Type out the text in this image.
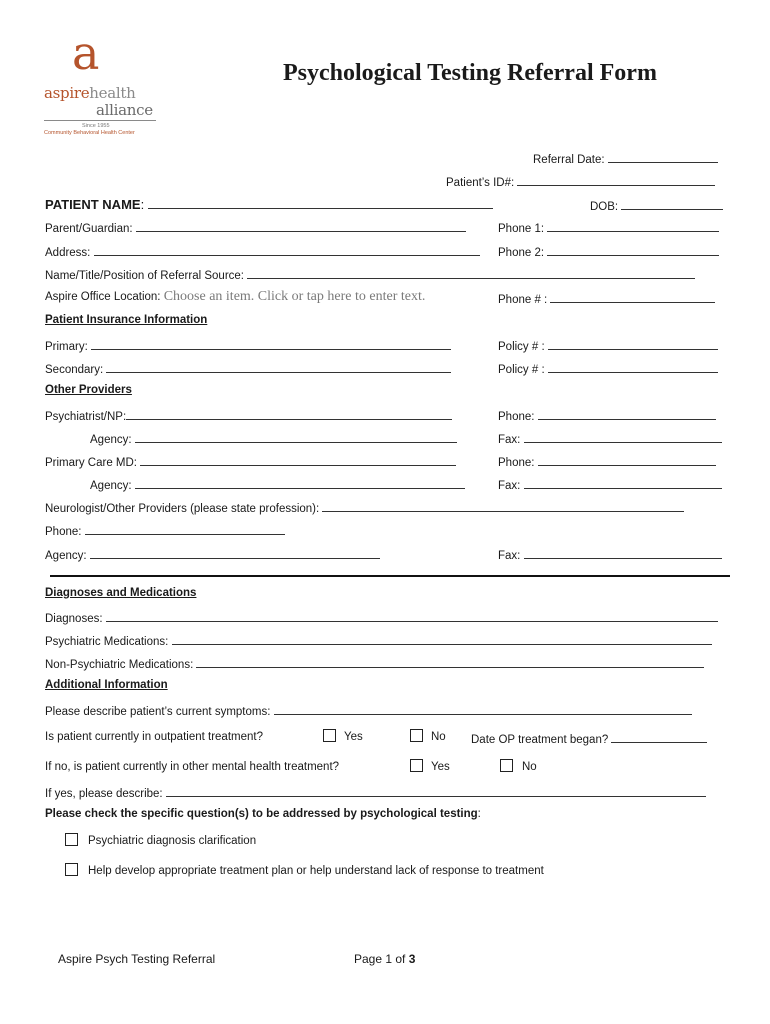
a
aspirehealth
alliance
Since 1955
Community Behavioral Health Center
Psychological Testing Referral Form
Referral Date:
Patient’s ID#:
PATIENT NAME:	DOB:
Parent/Guardian:	Phone 1:
Address:	Phone 2:
Name/Title/Position of Referral Source:
Aspire Office Location: Choose an item. Click or tap here to enter text.	Phone # :
Patient Insurance Information
Primary:	Policy # :
Secondary:	Policy # :
Other Providers
Psychiatrist/NP:	Phone:
Agency:	Fax:
Primary Care MD:	Phone:
Agency:	Fax:
Neurologist/Other Providers (please state profession):
Phone:
Agency:	Fax:
Diagnoses and Medications
Diagnoses:
Psychiatric Medications:
Non-Psychiatric Medications:
Additional Information
Please describe patient’s current symptoms:
Is patient currently in outpatient treatment?	Yes	No Date OP treatment began?
If no, is patient currently in other mental health treatment?	Yes	No
If yes, please describe:
Please check the specific question(s) to be addressed by psychological testing:
Psychiatric diagnosis clarification
Help develop appropriate treatment plan or help understand lack of response to treatment
Aspire Psych Testing Referral	Page 1 of 3
